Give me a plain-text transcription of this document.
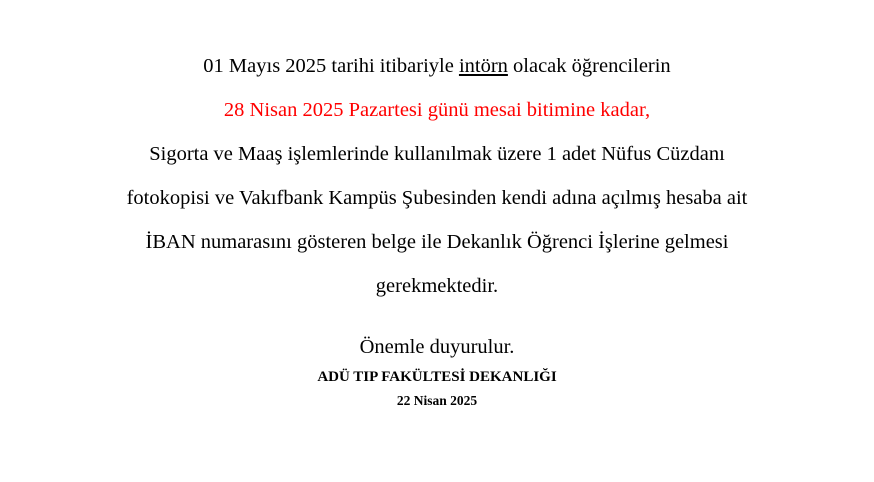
01 Mayıs 2025 tarihi itibariyle intörn olacak öğrencilerin
28 Nisan 2025 Pazartesi günü mesai bitimine kadar,
Sigorta ve Maaş işlemlerinde kullanılmak üzere 1 adet Nüfus Cüzdanı
fotokopisi ve Vakıfbank Kampüs Şubesinden kendi adına açılmış hesaba ait
İBAN numarasını gösteren belge ile Dekanlık Öğrenci İşlerine gelmesi
gerekmektedir.
Önemle duyurulur.
ADÜ TIP FAKÜLTESİ DEKANLIĞI
22 Nisan 2025
